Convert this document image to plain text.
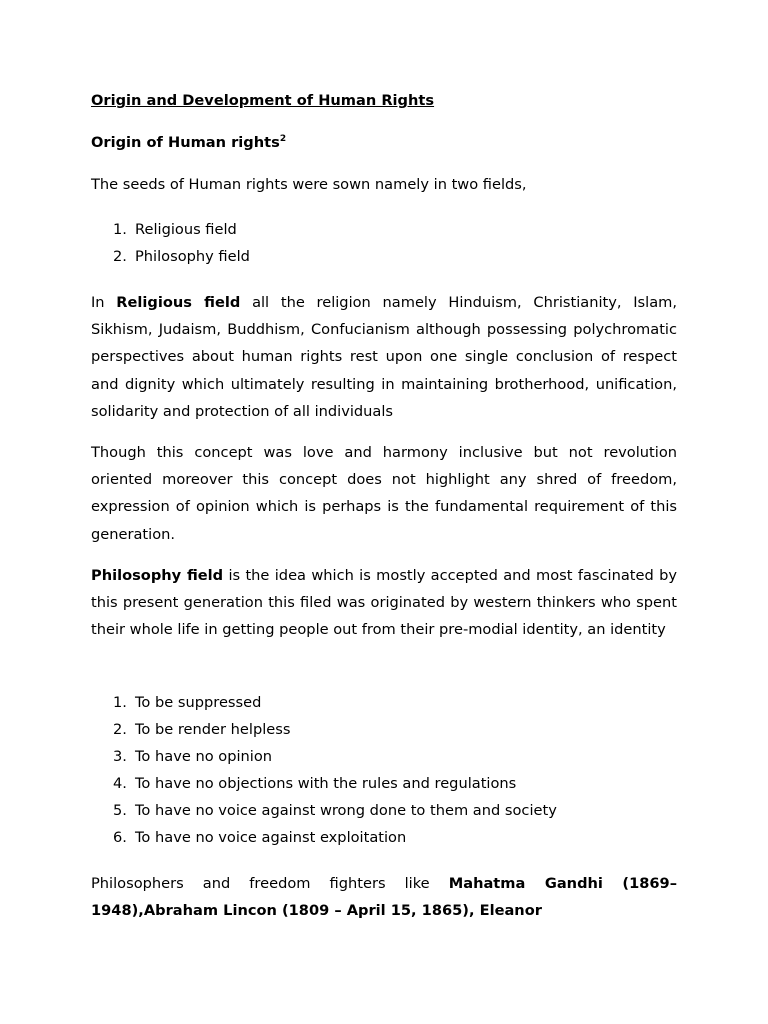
Origin and Development of Human Rights
Origin of Human rights$^2$

The seeds of Human rights were sown namely in two fields,

1. Religious field
2. Philosophy field

In Religious field all the religion namely Hinduism, Christianity, Islam, Sikhism, Judaism, Buddhism, Confucianism although possessing polychromatic perspectives about human rights rest upon one single conclusion of respect and dignity which ultimately resulting in maintaining brotherhood, unification, solidarity and protection of all individuals

Though this concept was love and harmony inclusive but not revolution oriented moreover this concept does not highlight any shred of freedom, expression of opinion which is perhaps is the fundamental requirement of this generation.

Philosophy field is the idea which is mostly accepted and most fascinated by this present generation this filed was originated by western thinkers who spent their whole life in getting people out from their pre-modial identity, an identity

1. To be suppressed
2. To be render helpless
3. To have no opinion
4. To have no objections with the rules and regulations
5. To have no voice against wrong done to them and society
6. To have no voice against exploitation

Philosophers and freedom fighters like Mahatma Gandhi (1869–1948),Abraham Lincon (1809 – April 15, 1865), Eleanor
